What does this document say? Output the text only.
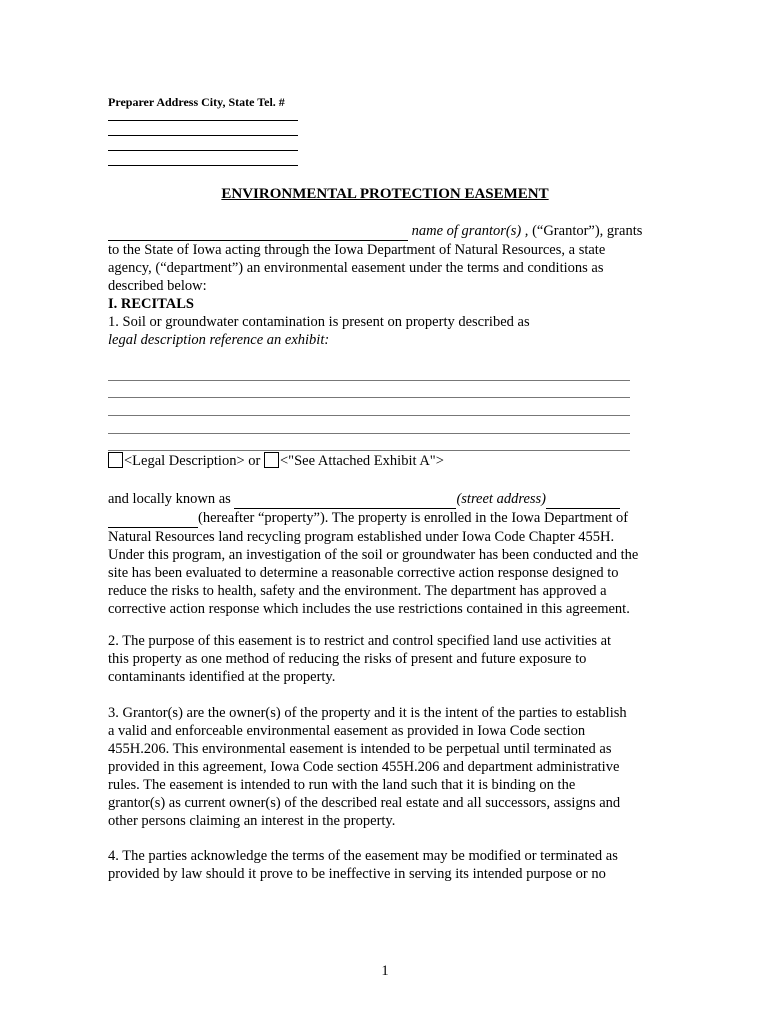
Preparer Address City, State Tel. #
ENVIRONMENTAL PROTECTION EASEMENT
name of grantor(s) , (“Grantor”), grants
to the State of Iowa acting through the Iowa Department of Natural Resources, a state
agency, (“department”) an environmental easement under the terms and conditions as
described below:
I. RECITALS
1. Soil or groundwater contamination is present on property described as
legal description reference an exhibit:
<Legal Description> or <"See Attached Exhibit A">
and locally known as	(street address)
(hereafter “property”). The property is enrolled in the Iowa Department of
Natural Resources land recycling program established under Iowa Code Chapter 455H.
Under this program, an investigation of the soil or groundwater has been conducted and the
site has been evaluated to determine a reasonable corrective action response designed to
reduce the risks to health, safety and the environment. The department has approved a
corrective action response which includes the use restrictions contained in this agreement.
2. The purpose of this easement is to restrict and control specified land use activities at
this property as one method of reducing the risks of present and future exposure to
contaminants identified at the property.
3. Grantor(s) are the owner(s) of the property and it is the intent of the parties to establish
a valid and enforceable environmental easement as provided in Iowa Code section
455H.206. This environmental easement is intended to be perpetual until terminated as
provided in this agreement, Iowa Code section 455H.206 and department administrative
rules. The easement is intended to run with the land such that it is binding on the
grantor(s) as current owner(s) of the described real estate and all successors, assigns and
other persons claiming an interest in the property.
4. The parties acknowledge the terms of the easement may be modified or terminated as
provided by law should it prove to be ineffective in serving its intended purpose or no
1
